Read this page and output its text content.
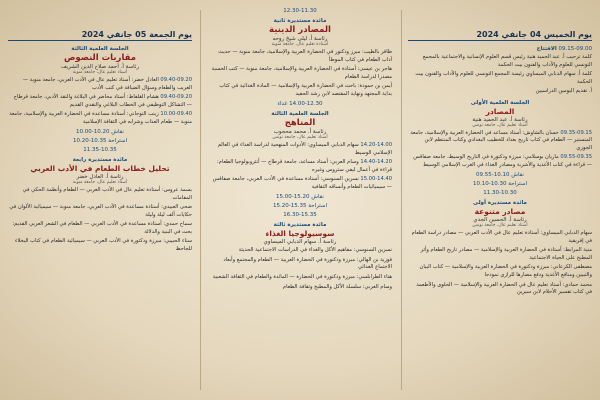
يوم الخميس 04 جانفي 2024
09.15-09.00 الافتتاح
كلمة ترحيب أ. عبد الحميد هنية رئيس قسم العلوم الإنسانية والاجتماعية بالمجمع التونسي للعلوم والآداب والفنون بيت الحكمة
كلمة أ. سهام الدبابي الميساوي رئيسة المجمع التونسي للعلوم والآداب والفنون بيت الحكمة
أ. تقديم اليومين الدراسيين
الجلسة العلمية الأولى
المصادر
رئاسة أ. عبد الحميد هنية
أستاذ تعليم عال، جامعة تونس
09.35-09.15 حسان بالشاوش: أستاذ مساعد في الحضارة العربية والإسلامية، جامعة المنستير — الطعام في كتاب تاريخ بغداد للخطيب البغدادي وكتاب المنتظم لابن الجوزي
09.55-09.35 ماريان بوسلامي: مبرزة ودكتورة في التاريخ الوسيط، جامعة صفاقس — قراءة في كتاب الأغذية والأشربة ومصادر الغذاء في الغرب الإسلامي الوسيط
نقاش 10.10-09.55
استراحة 10.30-10.10
11.30-10.30
مائدة مستديرة أولى
مصادر متنوعة
رئاسة أ. الحسين الجدي
أستاذ تعليم عال، جامعة تونس
سهام الدبابي الميساوي: أستاذة تعليم عال في الأدب العربي — مصادر دراسة الطعام في إفريقية
منية المرابط: أستاذة في الحضارة العربية والإسلامية — مصادر تاريخ الطعام وأثر المطبخ على الحياة الاجتماعية
مصطفى الكرعاني: مبرزة ودكتورة في الحضارة العربية والإسلامية — كتاب البيان والتبيين ومنافع الأغذية ودفع مضارها للرازي نموذجا
محمد حمادي: أستاذ تعليم عال في الحضارة العربية والإسلامية — الحلوى والأطعمة في كتاب تفسير الأحلام لابن سيرين
12.30-11.30
مائدة مستديرة ثانية
المصادر الدينية
رئاسة أ. ليلى شيخ روحه
أستاذة تعليم عال، جامعة منوبة
ظافر بالطيب: مبرز ودكتور في الحضارة العربية والإسلامية، جامعة منوبة — حديث آداب الطعام في كتاب الموطأ
هاجر بن عيسى: أستاذة في الحضارة العربية والإسلامية، جامعة منوبة — كتب الحسبة مصدرا لدراسة الطعام
أيمن بن حمودة: باحث في الحضارة العربية والإسلامية — المادة الغذائية في كتاب بداية المجتهد ونهاية المقتصد لابن رشد الحفيد
14.00-12.30 غداء
الجلسة العلمية الثالثة
المناهج
رئاسة أ. محمد محجوب
أستاذ تعليم عال، جامعة تونس
14.20-14.00 سهام الدبابي الميساوي: الأدوات المنهجية لدراسة الغذاء في العالم الإسلامي الوسيط
14.40-14.20 وسام العربي: أستاذ مساعد، جامعة قرطاج — أنثروبولوجيا الطعام: قراءة في أعمال ليفي ستروس وغيره
15.00-14.40 نسرين السنوسي: أستاذة مساعدة في الأدب العربي، جامعة صفاقس — سيميائيات الطعام وأنساقه الثقافية
نقاش 15.20-15.00
استراحة 15.35-15.20
16.30-15.35
مائدة مستديرة ثالثة
سوسيولوجيا الغذاء
رئاسة أ. سهام الدبابي الميساوي
نسرين السنوسي: مفاهيم الأكل والغذاء في الدراسات الاجتماعية الحديثة
فوزية بن الهالي: مبرزة ودكتورة في الحضارة العربية — الطعام والمجتمع وأبعاد الاجتماع الغذائي
هناء الطرابلسي: مبرزة ودكتورة في الحضارة — المائدة والطعام في الثقافة الشعبية
وسام العربي: سلسلة الأكل والمطبخ وثقافة الطعام
يوم الجمعة 05 جانفي 2024
الجلسة العلمية الثالثة
مقاربات النصوص
رئاسة أ. أحمد صلاح الدين الشريف
أستاذ تعليم عال، جامعة منوبة
09.40-09.20 العادل خضر: أستاذ تعليم عال في الأدب العربي، جامعة منوبة — الغريب والطعام وسؤال الضيافة في كتب الأدب
09.40-09.20 هشام القلفاط: أستاذ محاضر في البلاغة والنقد الأدبي، جامعة قرطاج — التشاكل التوظيفي في الخطاب البلاغي والنقدي القديم
10.00-09.40 زينب التوجاني: أستاذة مساعدة في الحضارة العربية والإسلامية، جامعة منوبة — طعام العذاب وشرابه في الثقافة الإسلامية
نقاش 10.20-10.00
استراحة 10.35-10.20
11.35-10.35
مائدة مستديرة رابعة
تحليل خطاب الطعام في الأدب العربي
رئاسة أ. العادل خضر
أستاذ تعليم عال، جامعة منوبة
بسمة عروس: أستاذة تعليم عال في الأدب العربي — الطعام وأنظمة الحكي في المقامات
ضحى العبيدي: أستاذة مساعدة في الأدب العربي، جامعة منوبة — سيميائية الألوان في حكايات ألف ليلة وليلة
سماح حمدي: أستاذة مساعدة في الأدب العربي — الطعام في الشعر العربي القديم: بحث في البنية والدلالة
سناء الحبيبي: مبرزة ودكتورة في الأدب العربي — سيميائية الطعام في كتاب البخلاء للجاحظ
